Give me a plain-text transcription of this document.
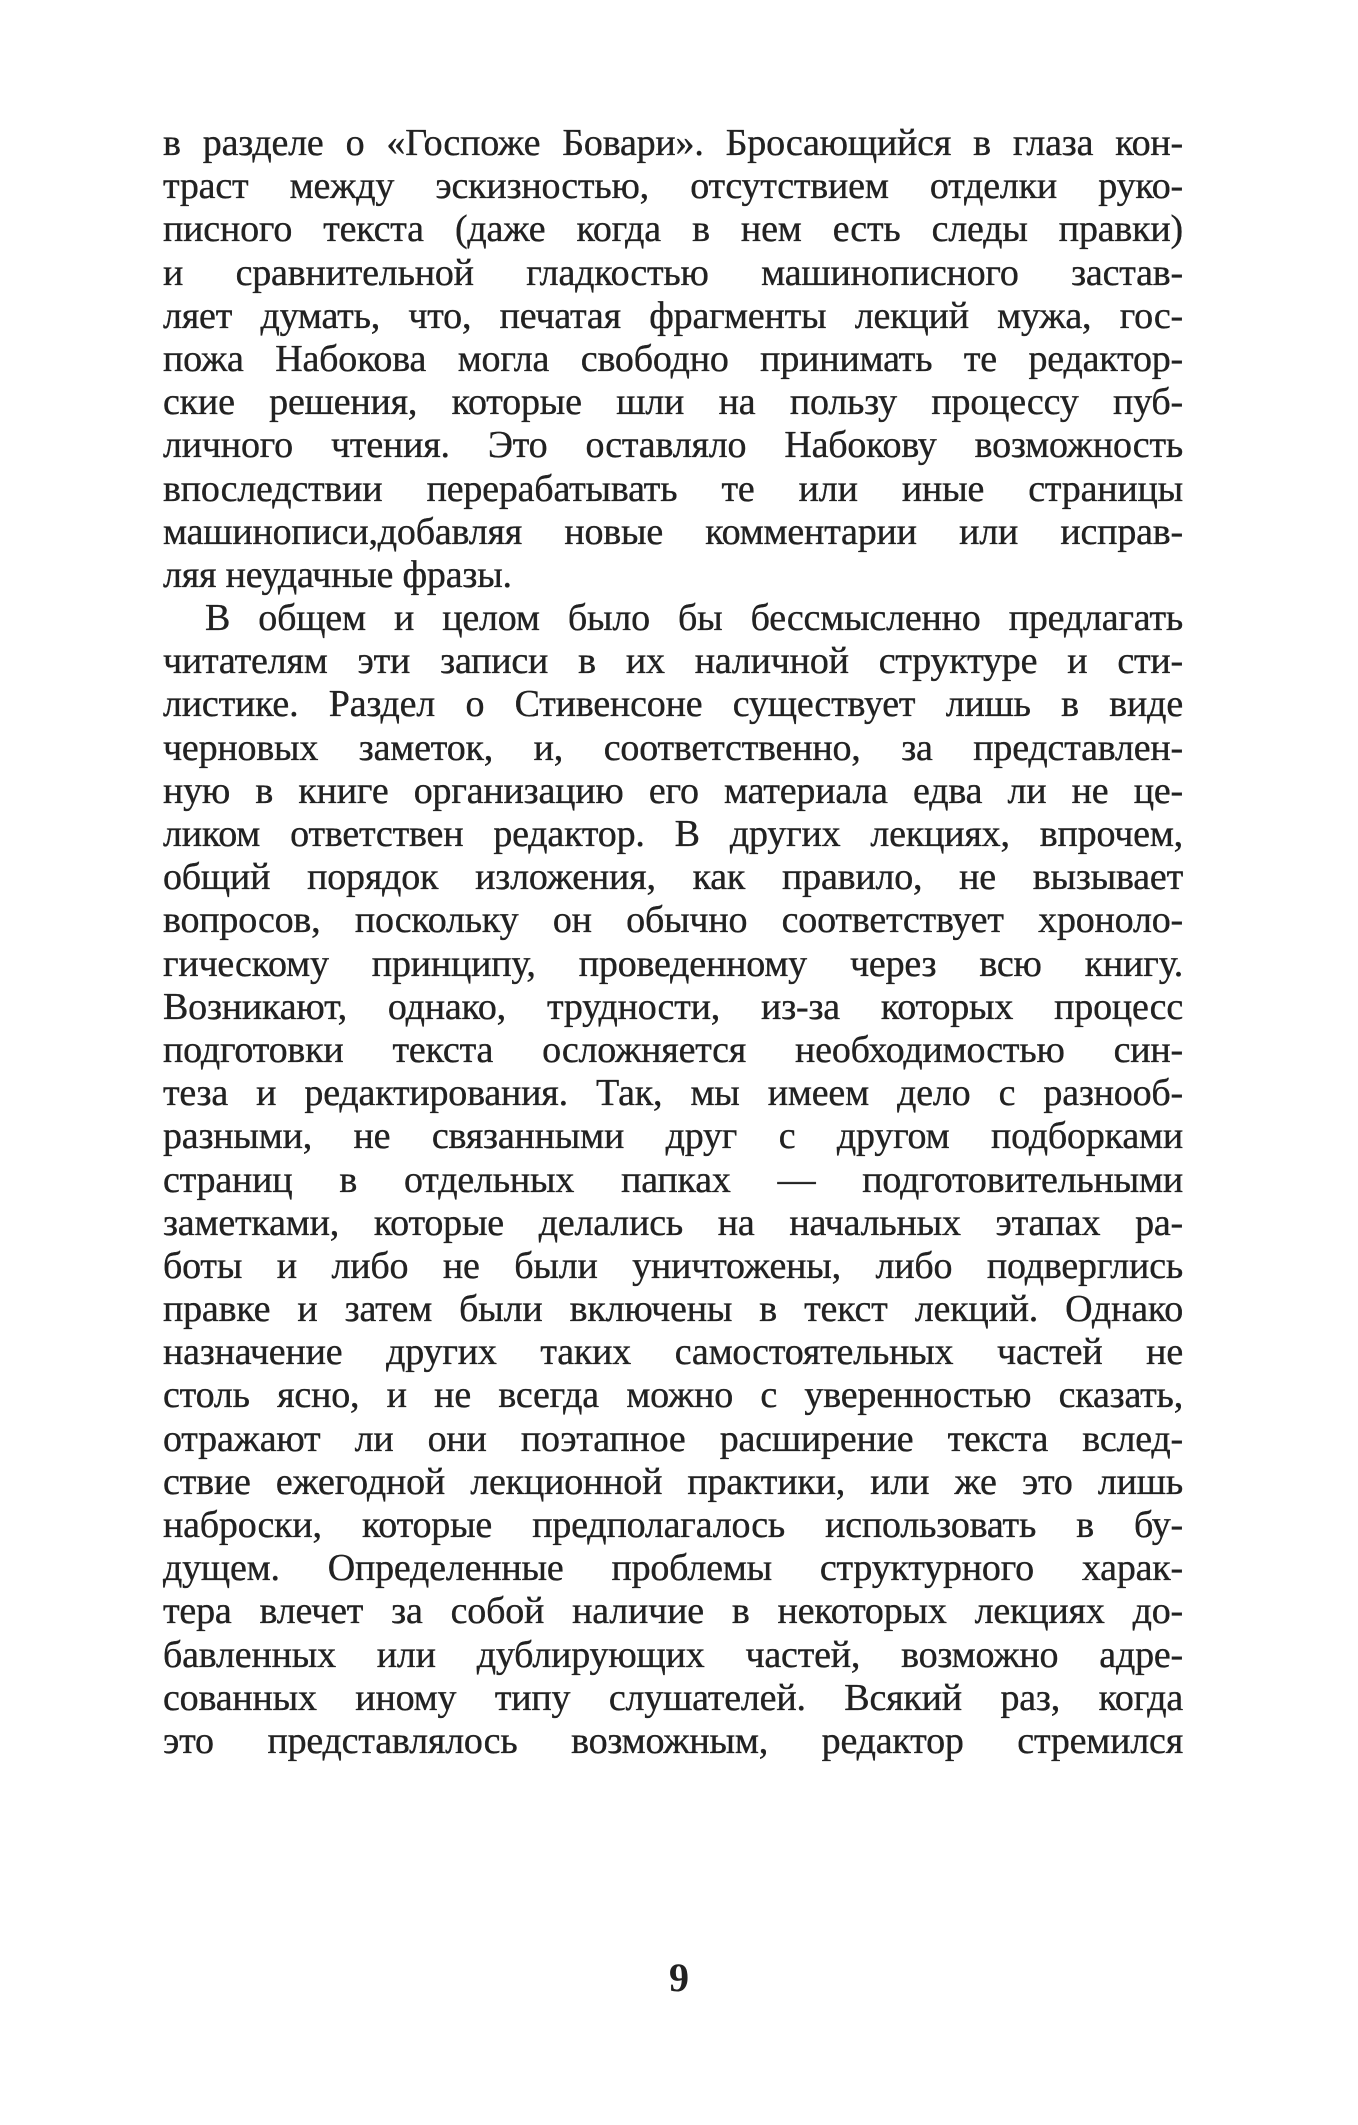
в разделе о «Госпоже Бовари». Бросающийся в глаза кон-
траст между эскизностью, отсутствием отделки руко-
писного текста (даже когда в нем есть следы правки)
и сравнительной гладкостью машинописного застав-
ляет думать, что, печатая фрагменты лекций мужа, гос-
пожа Набокова могла свободно принимать те редактор-
ские решения, которые шли на пользу процессу пуб-
личного чтения. Это оставляло Набокову возможность
впоследствии перерабатывать те или иные страницы
машинописи,добавляя новые комментарии или исправ-
ляя неудачные фразы.
В общем и целом было бы бессмысленно предлагать
читателям эти записи в их наличной структуре и сти-
листике. Раздел о Стивенсоне существует лишь в виде
черновых заметок, и, соответственно, за представлен-
ную в книге организацию его материала едва ли не це-
ликом ответствен редактор. В других лекциях, впрочем,
общий порядок изложения, как правило, не вызывает
вопросов, поскольку он обычно соответствует хроноло-
гическому принципу, проведенному через всю книгу.
Возникают, однако, трудности, из-за которых процесс
подготовки текста осложняется необходимостью син-
теза и редактирования. Так, мы имеем дело с разнооб-
разными, не связанными друг с другом подборками
страниц в отдельных папках — подготовительными
заметками, которые делались на начальных этапах ра-
боты и либо не были уничтожены, либо подверглись
правке и затем были включены в текст лекций. Однако
назначение других таких самостоятельных частей не
столь ясно, и не всегда можно с уверенностью сказать,
отражают ли они поэтапное расширение текста вслед-
ствие ежегодной лекционной практики, или же это лишь
наброски, которые предполагалось использовать в бу-
дущем. Определенные проблемы структурного харак-
тера влечет за собой наличие в некоторых лекциях до-
бавленных или дублирующих частей, возможно адре-
сованных иному типу слушателей. Всякий раз, когда
это представлялось возможным, редактор стремился
9
